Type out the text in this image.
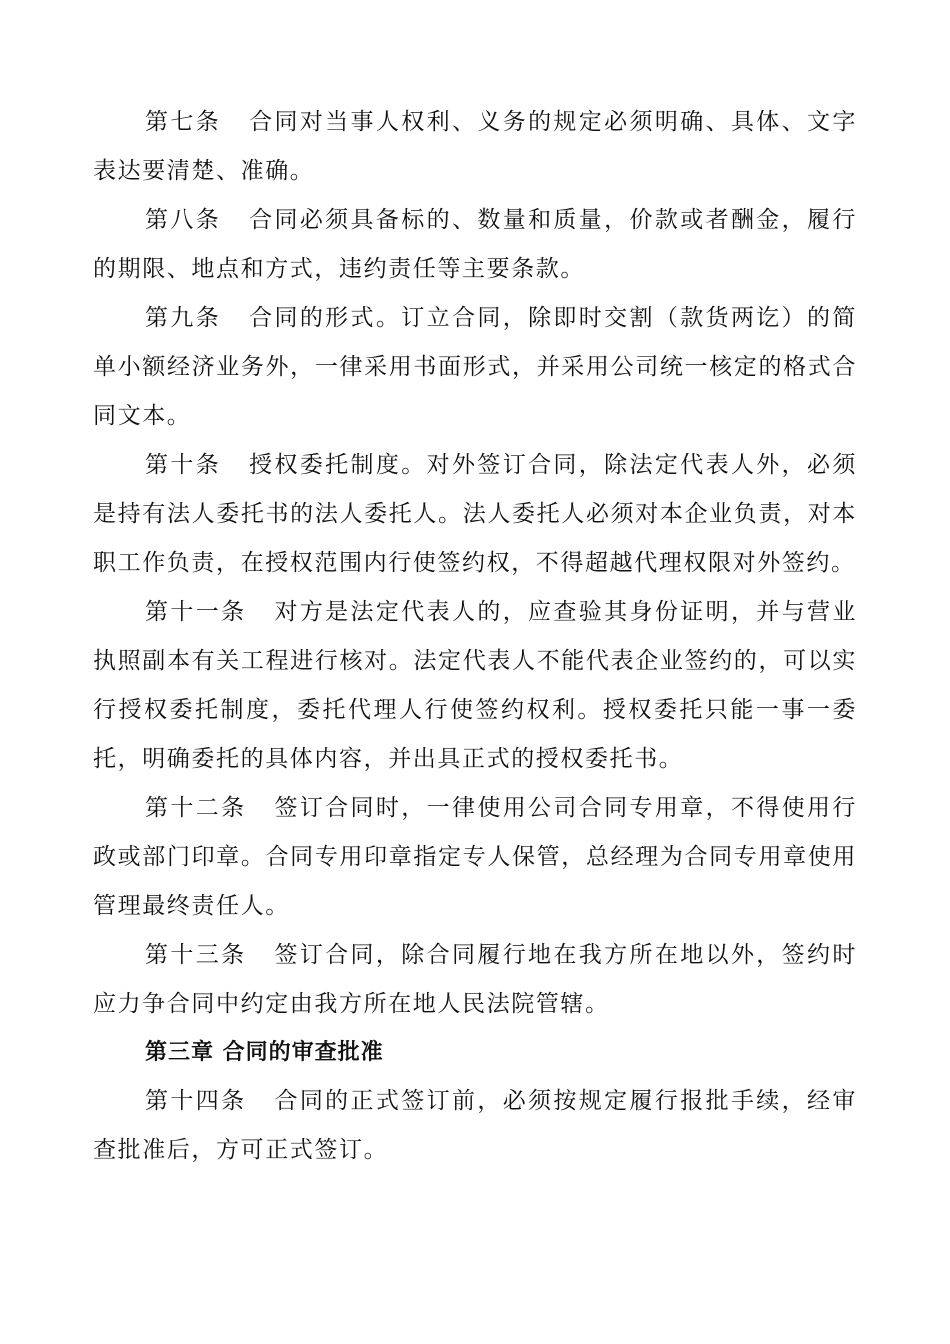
第七条 合同对当事人权利、义务的规定必须明确、具体、文字表达要清楚、准确。

第八条 合同必须具备标的、数量和质量，价款或者酬金，履行的期限、地点和方式，违约责任等主要条款。

第九条 合同的形式。订立合同，除即时交割（款货两讫）的简单小额经济业务外，一律采用书面形式，并采用公司统一核定的格式合同文本。

第十条 授权委托制度。对外签订合同，除法定代表人外，必须是持有法人委托书的法人委托人。法人委托人必须对本企业负责，对本职工作负责，在授权范围内行使签约权，不得超越代理权限对外签约。

第十一条 对方是法定代表人的，应查验其身份证明，并与营业执照副本有关工程进行核对。法定代表人不能代表企业签约的，可以实行授权委托制度，委托代理人行使签约权利。授权委托只能一事一委托，明确委托的具体内容，并出具正式的授权委托书。

第十二条 签订合同时，一律使用公司合同专用章，不得使用行政或部门印章。合同专用印章指定专人保管，总经理为合同专用章使用管理最终责任人。

第十三条 签订合同，除合同履行地在我方所在地以外，签约时应力争合同中约定由我方所在地人民法院管辖。

第三章 合同的审查批准

第十四条 合同的正式签订前，必须按规定履行报批手续，经审查批准后，方可正式签订。
